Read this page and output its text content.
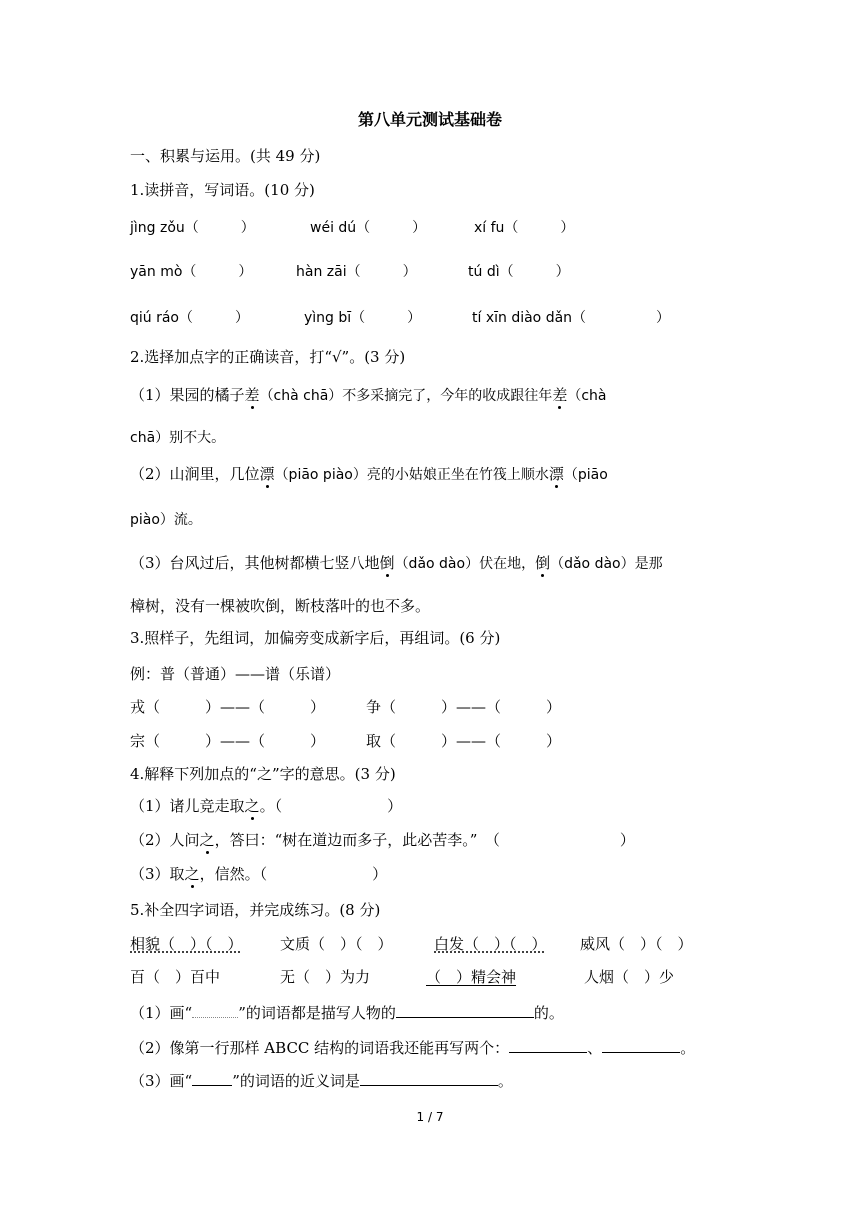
第八单元测试基础卷
一、积累与运用。(共 49 分)
1.读拼音，写词语。(10 分)
jìng zǒu（　　　）	wéi dú（　　　）	xí fu（　　　）
yān mò（　　　）	hàn zāi（　　　）	tú dì（　　　）
qiú ráo（　　　）	yìng bī（　　　）	tí xīn diào dǎn（　　　　　）
2.选择加点字的正确读音，打“√”。(3 分)
（1）果园的橘子差（chà chā）不多采摘完了，今年的收成跟往年差（chà
chā）别不大。
（2）山涧里，几位漂（piāo piào）亮的小姑娘正坐在竹筏上顺水漂（piāo
piào）流。
（3）台风过后，其他树都横七竖八地倒（dǎo dào）伏在地，倒（dǎo dào）是那
樟树，没有一棵被吹倒，断枝落叶的也不多。
3.照样子，先组词，加偏旁变成新字后，再组词。(6 分)
例：普（普通）——谱（乐谱）
戎（　　　）——（　　　）	争（　　　）——（　　　）
宗（　　　）——（　　　）	取（　　　）——（　　　）
4.解释下列加点的“之”字的意思。(3 分)
（1）诸儿竞走取之。（　　　　　　　）
（2）人问之，答曰：“树在道边而多子，此必苦李。”　（　　　　　　　　）
（3）取之，信然。（　　　　　　　）
5.补全四字词语，并完成练习。(8 分)
相貌（　）（　） 文质（　）（　）	白发（　）（　） 威风（　）（　）
百（　）百中	无（　）为力	（　）精会神	人烟（　）少
（1）画“	”的词语都是描写人物的	的。
（2）像第一行那样 ABCC 结构的词语我还能再写两个：	、	。
（3）画“	”的词语的近义词是	。
1 / 7
